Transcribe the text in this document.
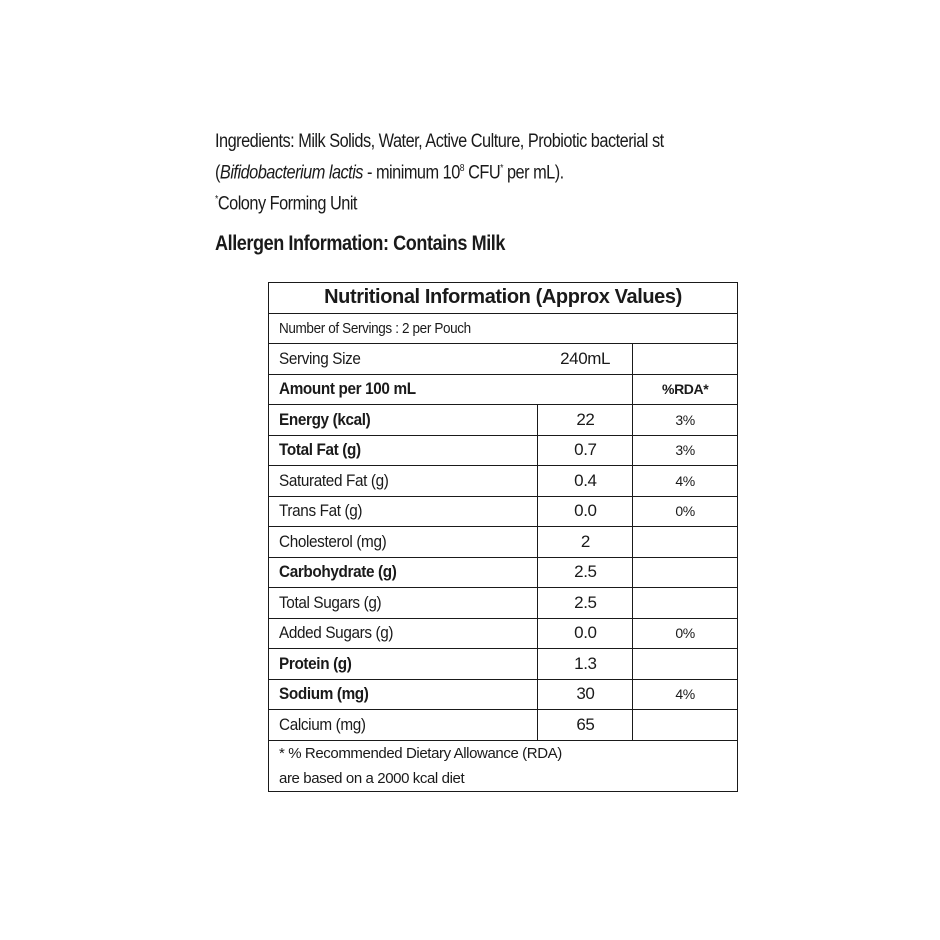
Ingredients: Milk Solids, Water, Active Culture, Probiotic bacterial st

(Bifidobacterium lactis - minimum $10^8$ CFU* per mL).

*Colony Forming Unit

Allergen Information: Contains Milk
Nutritional Information (Approx Values)		
Number of Servings : 2 per Pouch		
Serving Size	240mL	
Amount per 100 mL		%RDA*
Energy (kcal)	22	3%
Total Fat (g)	0.7	3%
Saturated Fat (g)	0.4	4%
Trans Fat (g)	0.0	0%
Cholesterol (mg)	2	
Carbohydrate (g)	2.5	
Total Sugars (g)	2.5	
Added Sugars (g)	0.0	0%
Protein (g)	1.3	
Sodium (mg)	30	4%
Calcium (mg)	65	

* % Recommended Dietary Allowance (RDA)
are based on a 2000 kcal diet		
